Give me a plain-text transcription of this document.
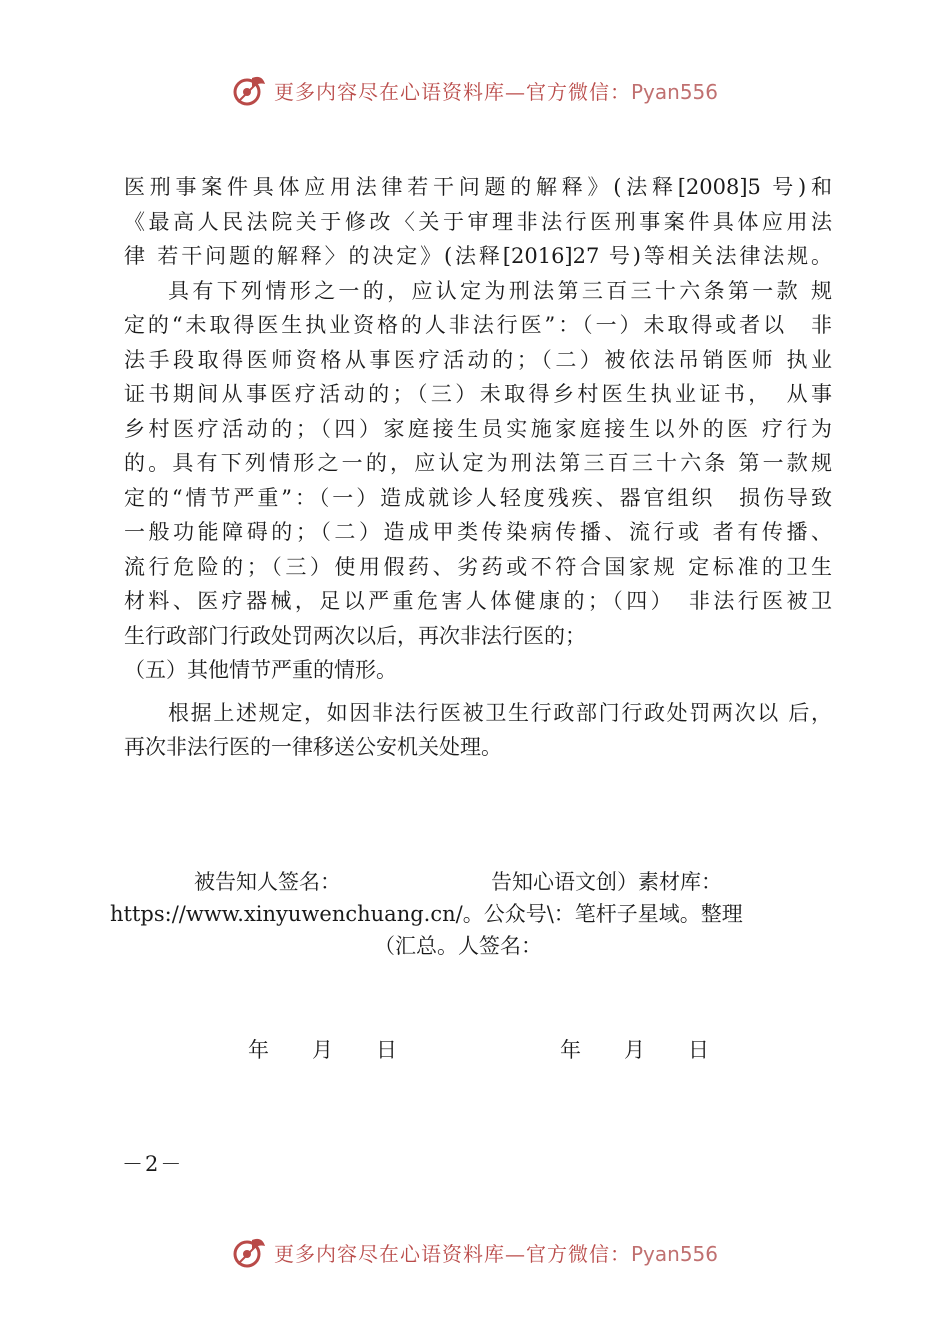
更多内容尽在心语资料库—官方微信：Pyan556
医刑事案件具体应用法律若干问题的解释》(法释[2008]5 号)和
《最高人民法院关于修改〈关于审理非法行医刑事案件具体应用法
律 若干问题的解释〉的决定》(法释[2016]27 号)等相关法律法规。
具有下列情形之一的，应认定为刑法第三百三十六条第一款 规
定的“未取得医生执业资格的人非法行医”：（一）未取得或者以　非
法手段取得医师资格从事医疗活动的；（二）被依法吊销医师 执业
证书期间从事医疗活动的；（三）未取得乡村医生执业证书，　从事
乡村医疗活动的；（四）家庭接生员实施家庭接生以外的医 疗行为
的。具有下列情形之一的，应认定为刑法第三百三十六条 第一款规
定的“情节严重”：（一）造成就诊人轻度残疾、器官组织　损伤导致
一般功能障碍的；（二）造成甲类传染病传播、流行或 者有传播、
流行危险的；（三）使用假药、劣药或不符合国家规 定标准的卫生
材料、医疗器械，足以严重危害人体健康的；（四）　非法行医被卫
生行政部门行政处罚两次以后，再次非法行医的；
（五）其他情节严重的情形。
根据上述规定，如因非法行医被卫生行政部门行政处罚两次以 后，
再次非法行医的一律移送公安机关处理。
被告知人签名：	告知心语文创）素材库：
https://www.xinyuwenchuang.cn/。公众号\：笔杆子星域。整理
（汇总。人签名：
年 月 日	年 月 日
－2－
更多内容尽在心语资料库—官方微信：Pyan556
